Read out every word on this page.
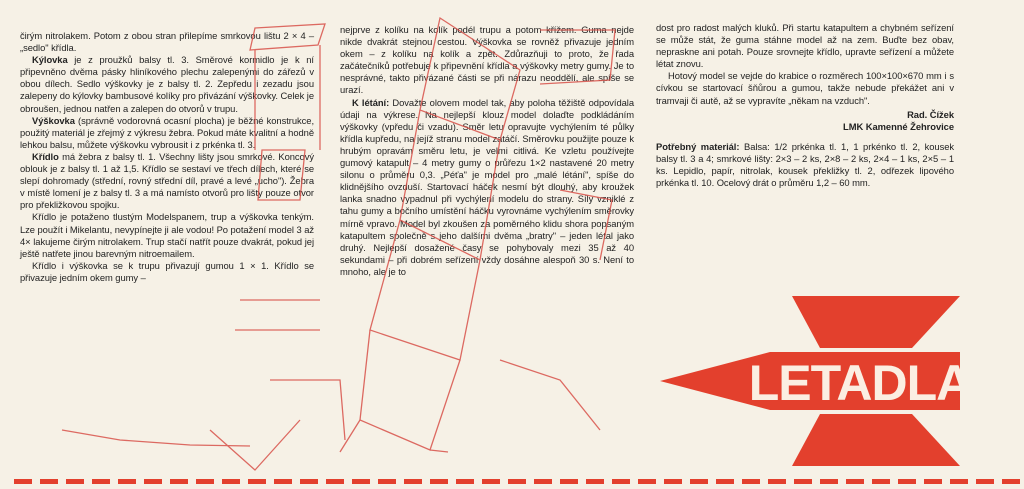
čirým nitrolakem. Potom z obou stran přilepíme smrkovou lištu 2 × 4 – „sedlo" křídla.

Kýlovka je z proužků balsy tl. 3. Směrové kormidlo je k ní připevněno dvěma pásky hliníkového plechu zalepenými do zářezů v obou dílech. Sedlo výškovky je z balsy tl. 2. Zepředu i zezadu jsou zalepeny do kýlovky bambusové kolíky pro přivázání výškovky. Celek je obroušen, jednou natřen a zalepen do otvorů v trupu.

Výškovka (správně vodorovná ocasní plocha) je běžné konstrukce, použitý materiál je zřejmý z výkresu žebra. Pokud máte kvalitní a hodně lehkou balsu, můžete výškovku vybrousit i z prkénka tl. 3.

Křídlo má žebra z balsy tl. 1. Všechny lišty jsou smrkové. Koncový oblouk je z balsy tl. 1 až 1,5. Křídlo se sestaví ve třech dílech, které se slepí dohromady (střední, rovný střední díl, pravé a levé „ucho"). Žebra v místě lomení je z balsy tl. 3 a má namísto otvorů pro lišty pouze otvor pro překližkovou spojku.

Křídlo je potaženo tlustým Modelspanem, trup a výškovka tenkým. Lze použít i Mikelantu, nevypínejte ji ale vodou! Po potažení model 3 až 4× lakujeme čirým nitrolakem. Trup stačí natřít pouze dvakrát, pokud jej ještě natřete jinou barevným nitroemailem.

Křídlo i výškovka se k trupu přivazují gumou 1 × 1. Křídlo se přivazuje jedním okem gumy –

nejprve z kolíku na kolík podél trupu a potom křížem. Guma nejde nikde dvakrát stejnou cestou. Výškovka se rovněž přivazuje jedním okem – z kolíku na kolík a zpět. Zdůrazňuji to proto, že řada začátečníků potřebuje k připevnění křídla a výškovky metry gumy. Je to nesprávné, takto přivázané části se při nárazu neoddělí, ale spíše se urazí.

K létání: Dovažte olovem model tak, aby poloha těžiště odpovídala údaji na výkrese. Na nejlepší klouz model dolaďte podkládáním výškovky (vpředu či vzadu). Směr letu opravujte vychýlením té půlky křídla kupředu, na jejíž stranu model zatáčí. Směrovku použijte pouze k hrubým opravám směru letu, je velmi citlivá. Ke vzletu používejte gumový katapult – 4 metry gumy o průřezu 1×2 nastavené 20 metry silonu o průměru 0,3. „Péťa" je model pro „malé létání", spíše do klidnějšího ovzduší. Startovací háček nesmí být dlouhý, aby kroužek lanka snadno vypadnul při vychýlení modelu do strany. Síly vzniklé z tahu gumy a bočního umístění háčku vyrovnáme vychýlením směrovky mírně vpravo. Model byl zkoušen za poměrného klidu shora popsaným katapultem společně s jeho dalšími dvěma „bratry" – jeden létal jako druhý. Nejlepší dosažené časy se pohybovaly mezi 35 až 40 sekundami – při dobrém seřízení vždy dosáhne alespoň 30 s. Není to mnoho, ale je to

dost pro radost malých kluků. Při startu katapultem a chybném seřízení se může stát, že guma stáhne model až na zem. Buďte bez obav, nepraskne ani potah. Pouze srovnejte křídlo, upravte seřízení a můžete létat znovu.

Hotový model se vejde do krabice o rozměrech 100×100×670 mm i s cívkou se startovací šňůrou a gumou, takže nebude překážet ani v tramvaji či autě, až se vypravíte „někam na vzduch".

Rad. Čížek

LMK Kamenné Žehrovice

Potřebný materiál: Balsa: 1/2 prkénka tl. 1, 1 prkénko tl. 2, kousek balsy tl. 3 a 4; smrkové lišty: 2×3 – 2 ks, 2×8 – 2 ks, 2×4 – 1 ks, 2×5 – 1 ks. Lepidlo, papír, nitrolak, kousek překližky tl. 2, odřezek lipového prkénka tl. 10. Ocelový drát o průměru 1,2 – 60 mm.

LETADLA
